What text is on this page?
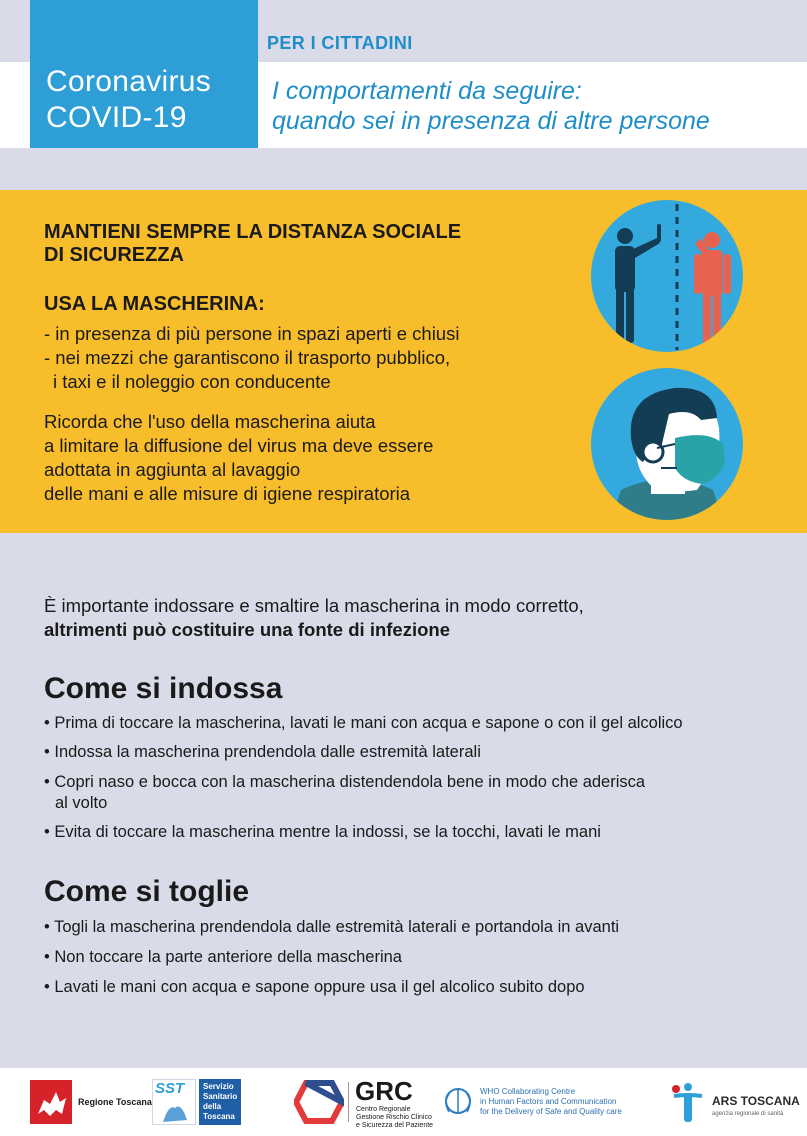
Coronavirus
COVID-19
PER I CITTADINI
I comportamenti da seguire:
quando sei in presenza di altre persone
MANTIENI SEMPRE LA DISTANZA SOCIALE
DI SICUREZZA
USA LA MASCHERINA:
- in presenza di più persone in spazi aperti e chiusi
- nei mezzi che garantiscono il trasporto pubblico,
i taxi e il noleggio con conducente
Ricorda che l'uso della mascherina aiuta
a limitare la diffusione del virus ma deve essere
adottata in aggiunta al lavaggio
delle mani e alle misure di igiene respiratoria
È importante indossare e smaltire la mascherina in modo corretto,
altrimenti può costituire una fonte di infezione
Come si indossa
• Prima di toccare la mascherina, lavati le mani con acqua e sapone o con il gel alcolico
• Indossa la mascherina prendendola dalle estremità laterali
• Copri naso e bocca con la mascherina distendendola bene in modo che aderisca
al volto
• Evita di toccare la mascherina mentre la indossi, se la tocchi, lavati le mani
Come si toglie
• Togli la mascherina prendendola dalle estremità laterali e portandola in avanti
• Non toccare la parte anteriore della mascherina
• Lavati le mani con acqua e sapone oppure usa il gel alcolico subito dopo
Regione Toscana
SST Servizio
Sanitario
della
Toscana
GRC
Centro Regionale
Gestione Rischio Clinico
e Sicurezza del Paziente
WHO Collaborating Centre
in Human Factors and Communication
for the Delivery of Safe and Quality care
ARS TOSCANA
agenzia regionale di sanità
